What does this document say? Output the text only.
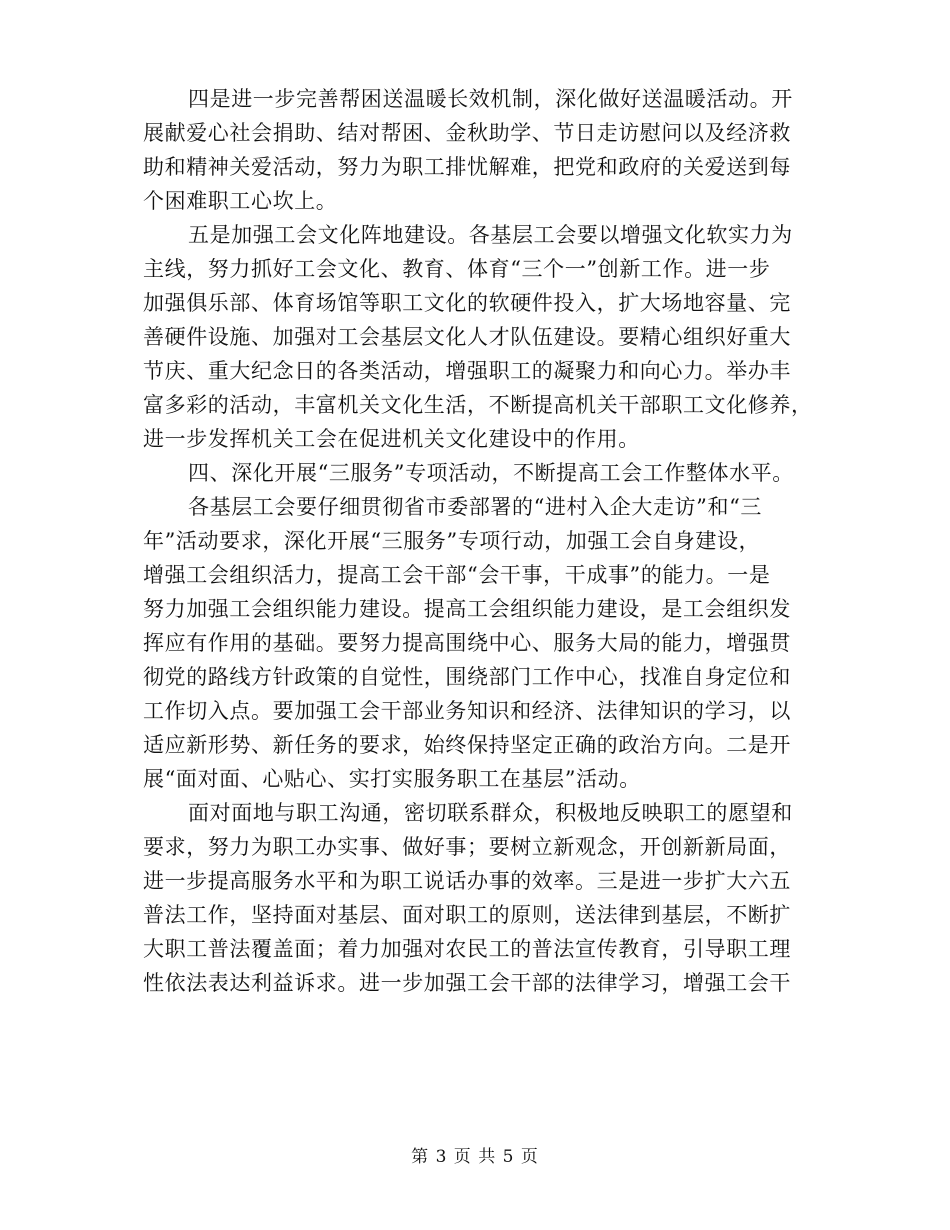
四是进一步完善帮困送温暖长效机制，深化做好送温暖活动。开
展献爱心社会捐助、结对帮困、金秋助学、节日走访慰问以及经济救
助和精神关爱活动，努力为职工排忧解难，把党和政府的关爱送到每
个困难职工心坎上。
五是加强工会文化阵地建设。各基层工会要以增强文化软实力为
主线，努力抓好工会文化、教育、体育“三个一”创新工作。进一步
加强俱乐部、体育场馆等职工文化的软硬件投入，扩大场地容量、完
善硬件设施、加强对工会基层文化人才队伍建设。要精心组织好重大
节庆、重大纪念日的各类活动，增强职工的凝聚力和向心力。举办丰
富多彩的活动，丰富机关文化生活，不断提高机关干部职工文化修养，
进一步发挥机关工会在促进机关文化建设中的作用。
四、深化开展“三服务”专项活动，不断提高工会工作整体水平。
各基层工会要仔细贯彻省市委部署的“进村入企大走访”和“三
年”活动要求，深化开展“三服务”专项行动，加强工会自身建设，
增强工会组织活力，提高工会干部“会干事，干成事”的能力。一是
努力加强工会组织能力建设。提高工会组织能力建设，是工会组织发
挥应有作用的基础。要努力提高围绕中心、服务大局的能力，增强贯
彻党的路线方针政策的自觉性，围绕部门工作中心，找准自身定位和
工作切入点。要加强工会干部业务知识和经济、法律知识的学习，以
适应新形势、新任务的要求，始终保持坚定正确的政治方向。二是开
展“面对面、心贴心、实打实服务职工在基层”活动。
面对面地与职工沟通，密切联系群众，积极地反映职工的愿望和
要求，努力为职工办实事、做好事；要树立新观念，开创新新局面，
进一步提高服务水平和为职工说话办事的效率。三是进一步扩大六五
普法工作，坚持面对基层、面对职工的原则，送法律到基层，不断扩
大职工普法覆盖面；着力加强对农民工的普法宣传教育，引导职工理
性依法表达利益诉求。进一步加强工会干部的法律学习，增强工会干
第 3 页 共 5 页
